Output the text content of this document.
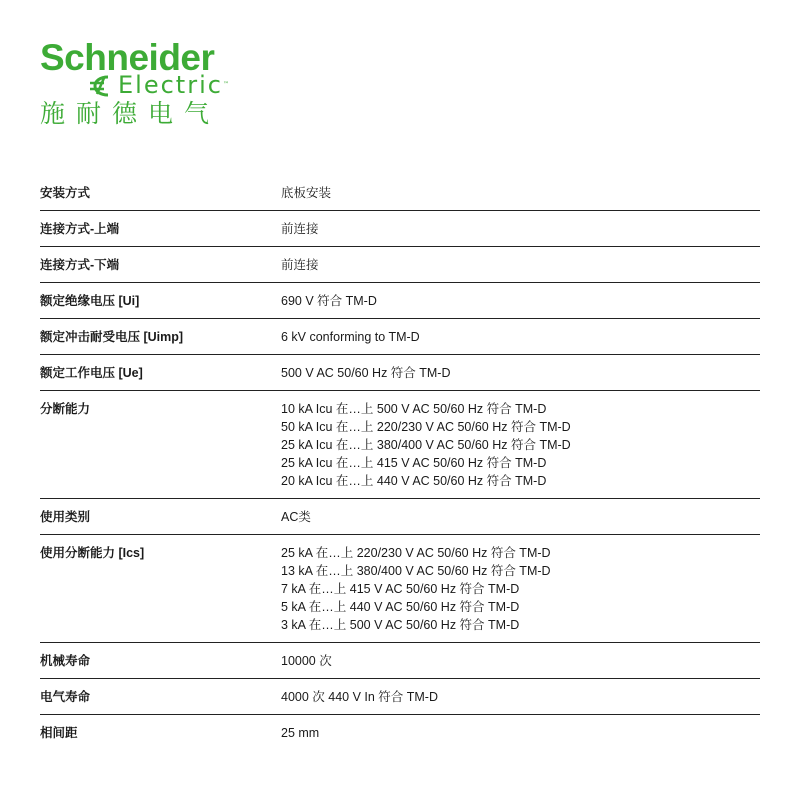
Schneider
Electric™
施耐德电气
安装方式	底板安装
连接方式-上端	前连接
连接方式-下端	前连接
额定绝缘电压 [Ui]	690 V 符合 TM-D
额定冲击耐受电压 [Uimp]	6 kV conforming to TM-D
额定工作电压 [Ue]	500 V AC 50/60 Hz 符合 TM-D
分断能力	10 kA Icu 在…上 500 V AC 50/60 Hz 符合 TM-D
50 kA Icu 在…上 220/230 V AC 50/60 Hz 符合 TM-D
25 kA Icu 在…上 380/400 V AC 50/60 Hz 符合 TM-D
25 kA Icu 在…上 415 V AC 50/60 Hz 符合 TM-D
20 kA Icu 在…上 440 V AC 50/60 Hz 符合 TM-D
使用类别	AC类
使用分断能力 [Ics]	25 kA 在…上 220/230 V AC 50/60 Hz 符合 TM-D
13 kA 在…上 380/400 V AC 50/60 Hz 符合 TM-D
7 kA 在…上 415 V AC 50/60 Hz 符合 TM-D
5 kA 在…上 440 V AC 50/60 Hz 符合 TM-D
3 kA 在…上 500 V AC 50/60 Hz 符合 TM-D
机械寿命	10000 次
电气寿命	4000 次 440 V In 符合 TM-D
相间距	25 mm
